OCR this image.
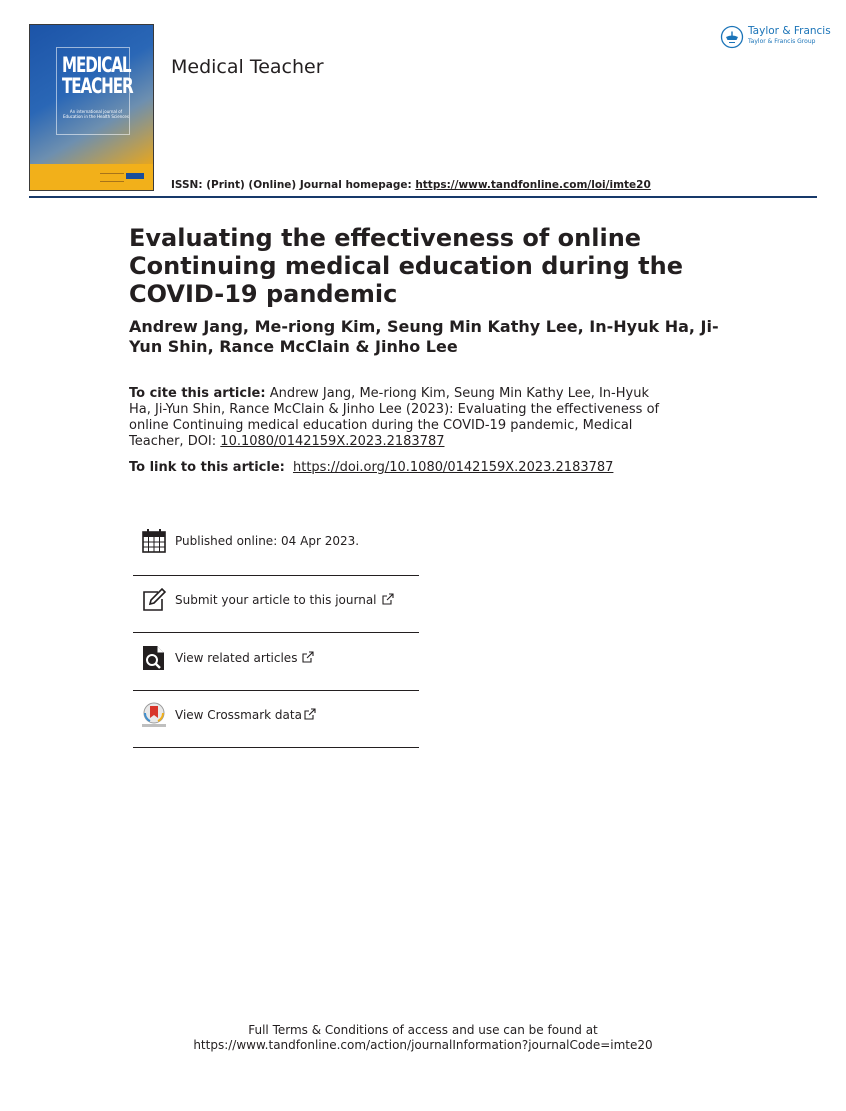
MEDICAL TEACHER
An international journal of Education in the Health Sciences
Medical Teacher
Taylor & Francis
Taylor & Francis Group
ISSN: (Print) (Online) Journal homepage: https://www.tandfonline.com/loi/imte20
Evaluating the effectiveness of online Continuing medical education during the COVID-19 pandemic
Andrew Jang, Me-riong Kim, Seung Min Kathy Lee, In-Hyuk Ha, Ji-Yun Shin, Rance McClain & Jinho Lee
To cite this article: Andrew Jang, Me-riong Kim, Seung Min Kathy Lee, In-Hyuk Ha, Ji-Yun Shin, Rance McClain & Jinho Lee (2023): Evaluating the effectiveness of online Continuing medical education during the COVID-19 pandemic, Medical Teacher, DOI: 10.1080/0142159X.2023.2183787
To link to this article: https://doi.org/10.1080/0142159X.2023.2183787
Published online: 04 Apr 2023.
Submit your article to this journal
View related articles
View Crossmark data
Full Terms & Conditions of access and use can be found at
https://www.tandfonline.com/action/journalInformation?journalCode=imte20
